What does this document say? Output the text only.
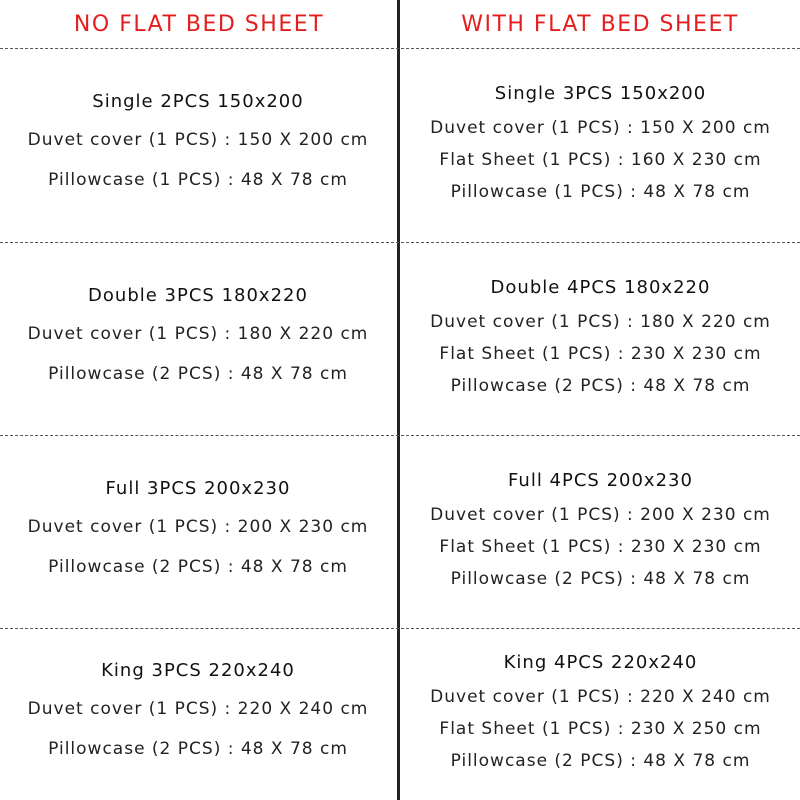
NO FLAT BED SHEET	WITH FLAT BED SHEET
Single 2PCS 150x200
Duvet cover (1 PCS) : 150 X 200 cm
Pillowcase (1 PCS) : 48 X 78 cm
Single 3PCS 150x200
Duvet cover (1 PCS) : 150 X 200 cm
Flat Sheet (1 PCS) : 160 X 230 cm
Pillowcase (1 PCS) : 48 X 78 cm
Double 3PCS 180x220
Duvet cover (1 PCS) : 180 X 220 cm
Pillowcase (2 PCS) : 48 X 78 cm
Double 4PCS 180x220
Duvet cover (1 PCS) : 180 X 220 cm
Flat Sheet (1 PCS) : 230 X 230 cm
Pillowcase (2 PCS) : 48 X 78 cm
Full 3PCS 200x230
Duvet cover (1 PCS) : 200 X 230 cm
Pillowcase (2 PCS) : 48 X 78 cm
Full 4PCS 200x230
Duvet cover (1 PCS) : 200 X 230 cm
Flat Sheet (1 PCS) : 230 X 230 cm
Pillowcase (2 PCS) : 48 X 78 cm
King 3PCS 220x240
Duvet cover (1 PCS) : 220 X 240 cm
Pillowcase (2 PCS) : 48 X 78 cm
King 4PCS 220x240
Duvet cover (1 PCS) : 220 X 240 cm
Flat Sheet (1 PCS) : 230 X 250 cm
Pillowcase (2 PCS) : 48 X 78 cm
